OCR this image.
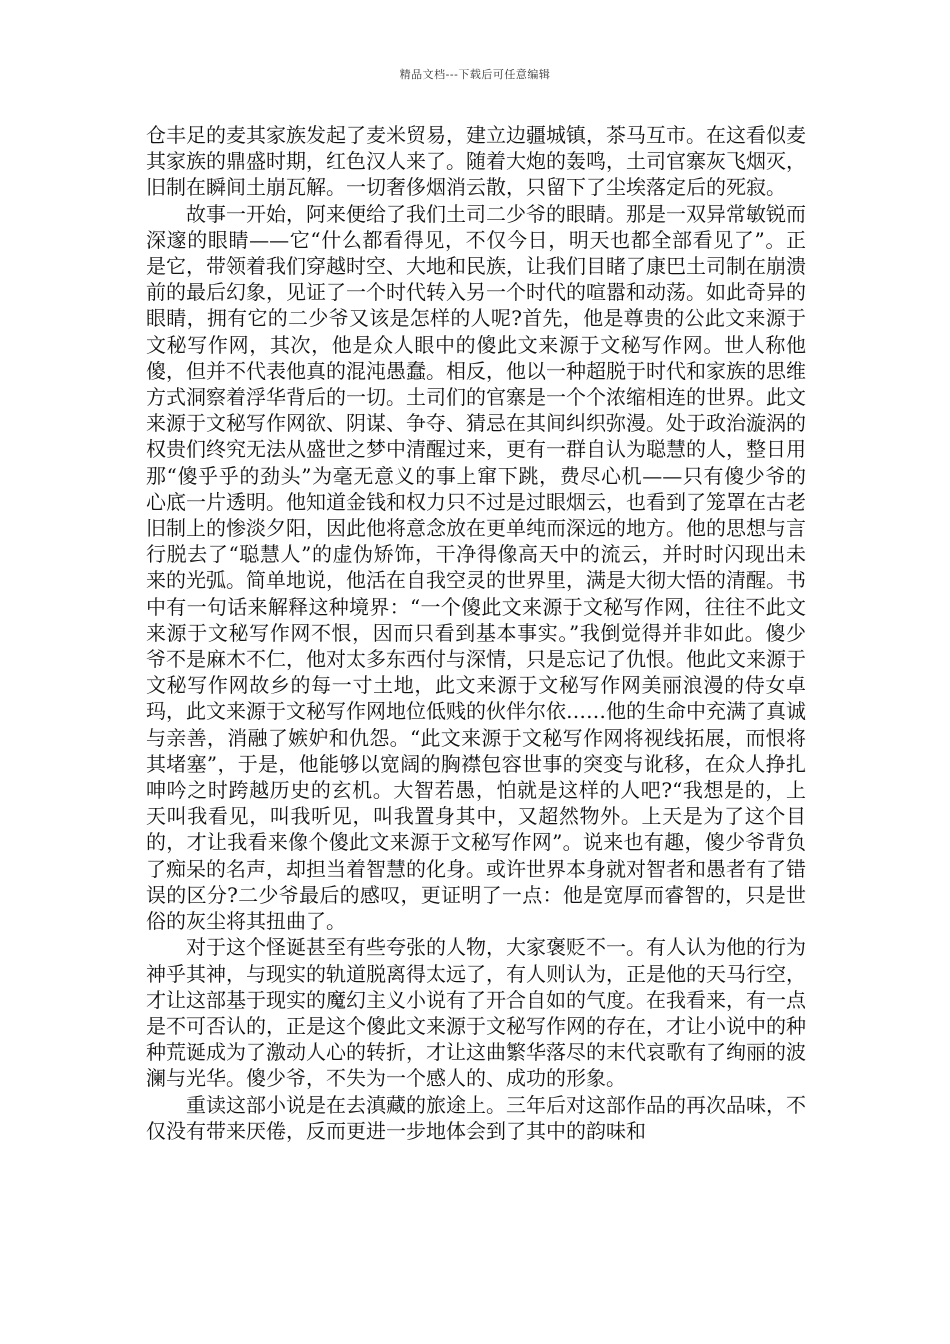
精品文档---下载后可任意编辑

仓丰足的麦其家族发起了麦米贸易，建立边疆城镇，茶马互市。在这看似麦其家族的鼎盛时期，红色汉人来了。随着大炮的轰鸣，土司官寨灰飞烟灭，旧制在瞬间土崩瓦解。一切奢侈烟消云散，只留下了尘埃落定后的死寂。

故事一开始，阿来便给了我们土司二少爷的眼睛。那是一双异常敏锐而深邃的眼睛——它“什么都看得见，不仅今日，明天也都全部看见了”。正是它，带领着我们穿越时空、大地和民族，让我们目睹了康巴土司制在崩溃前的最后幻象，见证了一个时代转入另一个时代的喧嚣和动荡。如此奇异的眼睛，拥有它的二少爷又该是怎样的人呢?首先，他是尊贵的公此文来源于文秘写作网，其次，他是众人眼中的傻此文来源于文秘写作网。世人称他傻，但并不代表他真的混沌愚蠢。相反，他以一种超脱于时代和家族的思维方式洞察着浮华背后的一切。土司们的官寨是一个个浓缩相连的世界。此文来源于文秘写作网欲、阴谋、争夺、猜忌在其间纠织弥漫。处于政治漩涡的权贵们终究无法从盛世之梦中清醒过来，更有一群自认为聪慧的人，整日用那“傻乎乎的劲头”为毫无意义的事上窜下跳，费尽心机——只有傻少爷的心底一片透明。他知道金钱和权力只不过是过眼烟云，也看到了笼罩在古老旧制上的惨淡夕阳，因此他将意念放在更单纯而深远的地方。他的思想与言行脱去了“聪慧人”的虚伪矫饰，干净得像高天中的流云，并时时闪现出未来的光弧。简单地说，他活在自我空灵的世界里，满是大彻大悟的清醒。书中有一句话来解释这种境界：“一个傻此文来源于文秘写作网，往往不此文来源于文秘写作网不恨，因而只看到基本事实。”我倒觉得并非如此。傻少爷不是麻木不仁，他对太多东西付与深情，只是忘记了仇恨。他此文来源于文秘写作网故乡的每一寸土地，此文来源于文秘写作网美丽浪漫的侍女卓玛，此文来源于文秘写作网地位低贱的伙伴尔依……他的生命中充满了真诚与亲善，消融了嫉妒和仇怨。“此文来源于文秘写作网将视线拓展，而恨将其堵塞”，于是，他能够以宽阔的胸襟包容世事的突变与讹移，在众人挣扎呻吟之时跨越历史的玄机。大智若愚，怕就是这样的人吧?“我想是的，上天叫我看见，叫我听见，叫我置身其中，又超然物外。上天是为了这个目的，才让我看来像个傻此文来源于文秘写作网”。说来也有趣，傻少爷背负了痴呆的名声，却担当着智慧的化身。或许世界本身就对智者和愚者有了错误的区分?二少爷最后的感叹，更证明了一点：他是宽厚而睿智的，只是世俗的灰尘将其扭曲了。

对于这个怪诞甚至有些夸张的人物，大家褒贬不一。有人认为他的行为神乎其神，与现实的轨道脱离得太远了，有人则认为，正是他的天马行空，才让这部基于现实的魔幻主义小说有了开合自如的气度。在我看来，有一点是不可否认的，正是这个傻此文来源于文秘写作网的存在，才让小说中的种种荒诞成为了激动人心的转折，才让这曲繁华落尽的末代哀歌有了绚丽的波澜与光华。傻少爷，不失为一个感人的、成功的形象。

重读这部小说是在去滇藏的旅途上。三年后对这部作品的再次品味，不仅没有带来厌倦，反而更进一步地体会到了其中的韵味和
